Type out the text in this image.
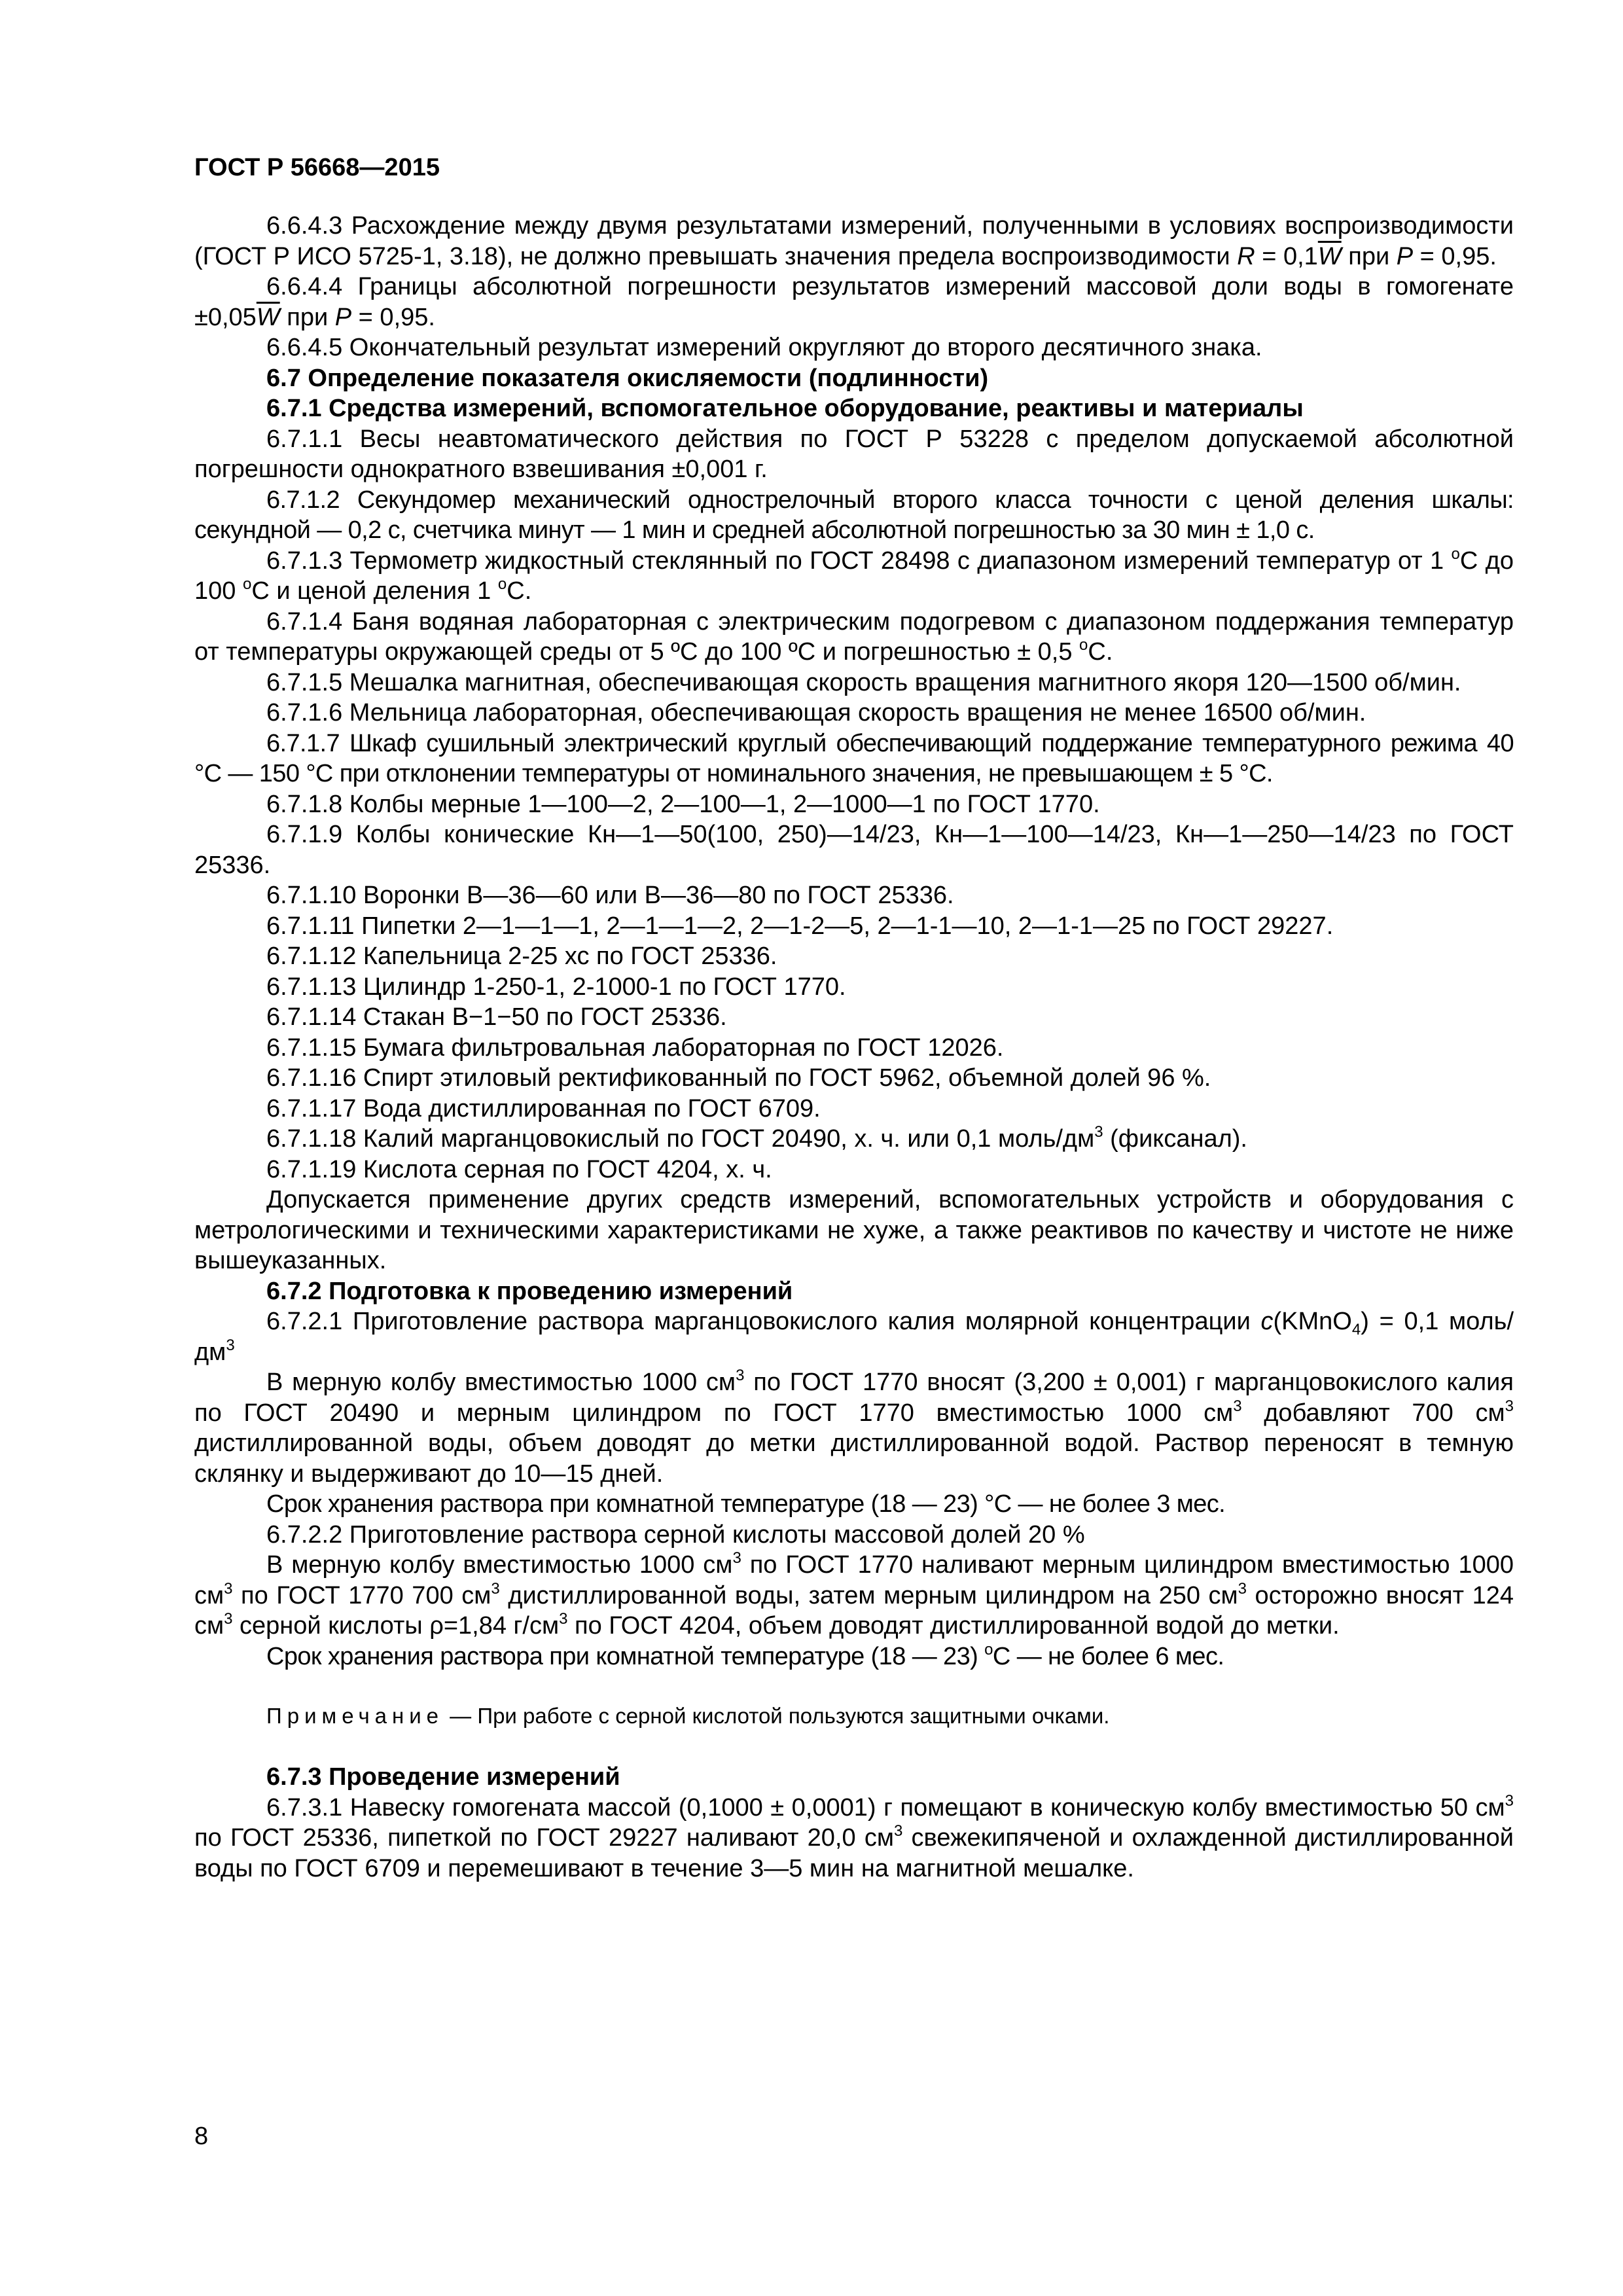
ГОСТ Р 56668—2015

6.6.4.3 Расхождение между двумя результатами измерений, полученными в условиях воспроизводимости (ГОСТ Р ИСО 5725-1, 3.18), не должно превышать значения предела воспроизводимости $R = 0,1\overline{W}$ при P = 0,95.

6.6.4.4 Границы абсолютной погрешности результатов измерений массовой доли воды в гомогенате $\pm 0,05\overline{W}$ при P = 0,95.

6.6.4.5 Окончательный результат измерений округляют до второго десятичного знака.

6.7 Определение показателя окисляемости (подлинности)

6.7.1 Средства измерений, вспомогательное оборудование, реактивы и материалы

6.7.1.1 Весы неавтоматического действия по ГОСТ Р 53228 с пределом допускаемой абсолютной погрешности однократного взвешивания ±0,001 г.

6.7.1.2 Секундомер механический однострелочный второго класса точности с ценой деления шкалы: секундной — 0,2 с, счетчика минут — 1 мин и средней абсолютной погрешностью за 30 мин ± 1,0 с.

6.7.1.3 Термометр жидкостный стеклянный по ГОСТ 28498 с диапазоном измерений температур от 1 $^о$С до 100 $^о$С и ценой деления 1 $^о$С.

6.7.1.4 Баня водяная лабораторная с электрическим подогревом с диапазоном поддержания температур от температуры окружающей среды от 5 ºС до 100 ºС и погрешностью ± 0,5 $^о$С.

6.7.1.5 Мешалка магнитная, обеспечивающая скорость вращения магнитного якоря 120—1500 об/мин.

6.7.1.6 Мельница лабораторная, обеспечивающая скорость вращения не менее 16500 об/мин.

6.7.1.7 Шкаф сушильный электрический круглый обеспечивающий поддержание температурного режима 40 °С — 150 °С при отклонении температуры от номинального значения, не превышающем ± 5 °С.

6.7.1.8 Колбы мерные 1—100—2, 2—100—1, 2—1000—1 по ГОСТ 1770.

6.7.1.9 Колбы конические Кн—1—50(100, 250)—14/23, Кн—1—100—14/23, Кн—1—250—14/23 по ГОСТ 25336.

6.7.1.10 Воронки В—36—60 или В—36—80 по ГОСТ 25336.

6.7.1.11 Пипетки 2—1—1—1, 2—1—1—2, 2—1-2—5, 2—1-1—10, 2—1-1—25 по ГОСТ 29227.

6.7.1.12 Капельница 2-25 хс по ГОСТ 25336.

6.7.1.13 Цилиндр 1-250-1, 2-1000-1 по ГОСТ 1770.

6.7.1.14 Стакан В−1−50 по ГОСТ 25336.

6.7.1.15 Бумага фильтровальная лабораторная по ГОСТ 12026.

6.7.1.16 Спирт этиловый ректификованный по ГОСТ 5962, объемной долей 96 %.

6.7.1.17 Вода дистиллированная по ГОСТ 6709.

6.7.1.18 Калий марганцовокислый по ГОСТ 20490, х. ч. или 0,1 моль/$дм^3$ (фиксанал).

6.7.1.19 Кислота серная по ГОСТ 4204, х. ч.

Допускается применение других средств измерений, вспомогательных устройств и оборудования с метрологическими и техническими характеристиками не хуже, а также реактивов по качеству и чистоте не ниже вышеуказанных.

6.7.2 Подготовка к проведению измерений

6.7.2.1 Приготовление раствора марганцовокислого калия молярной концентрации c(KMnO$_4$) = 0,1 моль/$дм^3$

В мерную колбу вместимостью 1000 $см^3$ по ГОСТ 1770 вносят (3,200 ± 0,001) г марганцовокислого калия по ГОСТ 20490 и мерным цилиндром по ГОСТ 1770 вместимостью 1000 $см^3$ добавляют 700 $см^3$ дистиллированной воды, объем доводят до метки дистиллированной водой. Раствор переносят в темную склянку и выдерживают до 10—15 дней.

Срок хранения раствора при комнатной температуре (18 — 23) °С — не более 3 мес.

6.7.2.2 Приготовление раствора серной кислоты массовой долей 20 %

В мерную колбу вместимостью 1000 $см^3$ по ГОСТ 1770 наливают мерным цилиндром вместимостью 1000 $см^3$ по ГОСТ 1770 700 $см^3$ дистиллированной воды, затем мерным цилиндром на 250 $см^3$ осторожно вносят 124 $см^3$ серной кислоты ρ=1,84 $г/см^3$ по ГОСТ 4204, объем доводят дистиллированной водой до метки.

Срок хранения раствора при комнатной температуре (18 — 23) $^о$С — не более 6 мес.

Примечание — При работе с серной кислотой пользуются защитными очками.

6.7.3 Проведение измерений

6.7.3.1 Навеску гомогената массой (0,1000 ± 0,0001) г помещают в коническую колбу вместимостью 50 $см^3$ по ГОСТ 25336, пипеткой по ГОСТ 29227 наливают 20,0 $см^3$ свежекипяченой и охлажденной дистиллированной воды по ГОСТ 6709 и перемешивают в течение 3—5 мин на магнитной мешалке.

8
